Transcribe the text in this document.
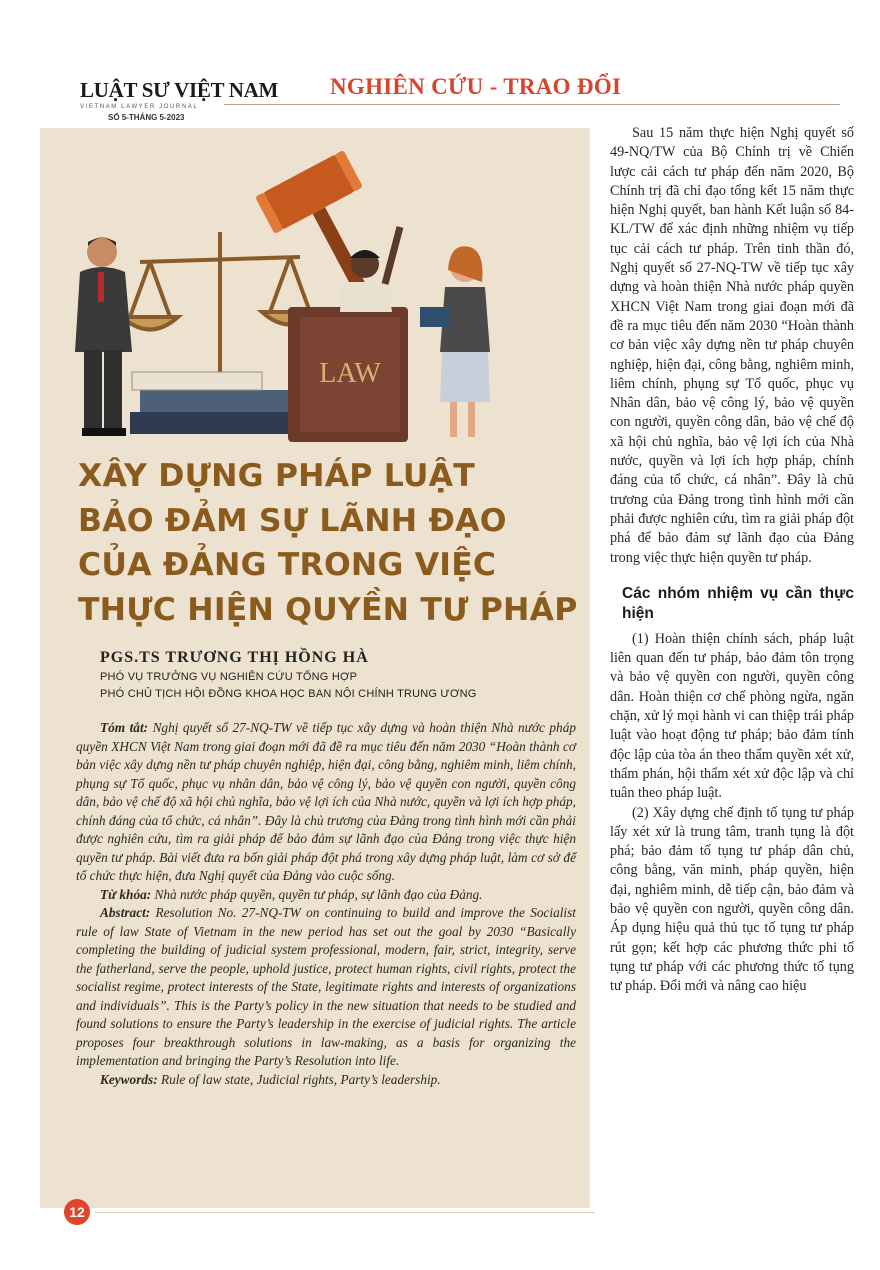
LUẬT SƯ VIỆT NAM
VIETNAM LAWYER JOURNAL
SỐ 5-THÁNG 5-2023
NGHIÊN CỨU - TRAO ĐỔI
LAW
XÂY DỰNG PHÁP LUẬT
BẢO ĐẢM SỰ LÃNH ĐẠO
CỦA ĐẢNG TRONG VIỆC
THỰC HIỆN QUYỀN TƯ PHÁP
PGS.TS TRƯƠNG THỊ HỒNG HÀ
PHÓ VỤ TRƯỞNG VỤ NGHIÊN CỨU TỔNG HỢP
PHÓ CHỦ TỊCH HỘI ĐỒNG KHOA HỌC BAN NỘI CHÍNH TRUNG ƯƠNG

Tóm tắt: Nghị quyết số 27-NQ-TW về tiếp tục xây dựng và hoàn thiện Nhà nước pháp quyền XHCN Việt Nam trong giai đoạn mới đã đề ra mục tiêu đến năm 2030 “Hoàn thành cơ bản việc xây dựng nền tư pháp chuyên nghiệp, hiện đại, công bằng, nghiêm minh, liêm chính, phụng sự Tổ quốc, phục vụ nhân dân, bảo vệ công lý, bảo vệ quyền con người, quyền công dân, bảo vệ chế độ xã hội chủ nghĩa, bảo vệ lợi ích của Nhà nước, quyền và lợi ích hợp pháp, chính đáng của tổ chức, cá nhân”. Đây là chủ trương của Đảng trong tình hình mới cần phải được nghiên cứu, tìm ra giải pháp để bảo đảm sự lãnh đạo của Đảng trong việc thực hiện quyền tư pháp. Bài viết đưa ra bốn giải pháp đột phá trong xây dựng pháp luật, làm cơ sở để tổ chức thực hiện, đưa Nghị quyết của Đảng vào cuộc sống.

Từ khóa: Nhà nước pháp quyền, quyền tư pháp, sự lãnh đạo của Đảng.

Abstract: Resolution No. 27-NQ-TW on continuing to build and improve the Socialist rule of law State of Vietnam in the new period has set out the goal by 2030 “Basically completing the building of judicial system professional, modern, fair, strict, integrity, serve the fatherland, serve the people, uphold justice, protect human rights, civil rights, protect the socialist regime, protect interests of the State, legitimate rights and interests of organizations and individuals”. This is the Party’s policy in the new situation that needs to be studied and found solutions to ensure the Party’s leadership in the exercise of judicial rights. The article proposes four breakthrough solutions in law-making, as a basis for organizing the implementation and bringing the Party’s Resolution into life.

Keywords: Rule of law state, Judicial rights, Party’s leadership.

Sau 15 năm thực hiện Nghị quyết số 49-NQ/TW của Bộ Chính trị về Chiến lược cải cách tư pháp đến năm 2020, Bộ Chính trị đã chỉ đạo tổng kết 15 năm thực hiện Nghị quyết, ban hành Kết luận số 84-KL/TW để xác định những nhiệm vụ tiếp tục cải cách tư pháp. Trên tinh thần đó, Nghị quyết số 27-NQ-TW về tiếp tục xây dựng và hoàn thiện Nhà nước pháp quyền XHCN Việt Nam trong giai đoạn mới đã đề ra mục tiêu đến năm 2030 “Hoàn thành cơ bản việc xây dựng nền tư pháp chuyên nghiệp, hiện đại, công bằng, nghiêm minh, liêm chính, phụng sự Tổ quốc, phục vụ Nhân dân, bảo vệ công lý, bảo vệ quyền con người, quyền công dân, bảo vệ chế độ xã hội chủ nghĩa, bảo vệ lợi ích của Nhà nước, quyền và lợi ích hợp pháp, chính đáng của tổ chức, cá nhân”. Đây là chủ trương của Đảng trong tình hình mới cần phải được nghiên cứu, tìm ra giải pháp đột phá để bảo đảm sự lãnh đạo của Đảng trong việc thực hiện quyền tư pháp.

Các nhóm nhiệm vụ cần thực hiện

(1) Hoàn thiện chính sách, pháp luật liên quan đến tư pháp, bảo đảm tôn trọng và bảo vệ quyền con người, quyền công dân. Hoàn thiện cơ chế phòng ngừa, ngăn chặn, xử lý mọi hành vi can thiệp trái pháp luật vào hoạt động tư pháp; bảo đảm tính độc lập của tòa án theo thẩm quyền xét xử, thẩm phán, hội thẩm xét xử độc lập và chỉ tuân theo pháp luật.

(2) Xây dựng chế định tố tụng tư pháp lấy xét xử là trung tâm, tranh tụng là đột phá; bảo đảm tố tụng tư pháp dân chủ, công bằng, văn minh, pháp quyền, hiện đại, nghiêm minh, dễ tiếp cận, bảo đảm và bảo vệ quyền con người, quyền công dân. Áp dụng hiệu quả thủ tục tố tụng tư pháp rút gọn; kết hợp các phương thức phi tố tụng tư pháp với các phương thức tố tụng tư pháp. Đổi mới và nâng cao hiệu

12
